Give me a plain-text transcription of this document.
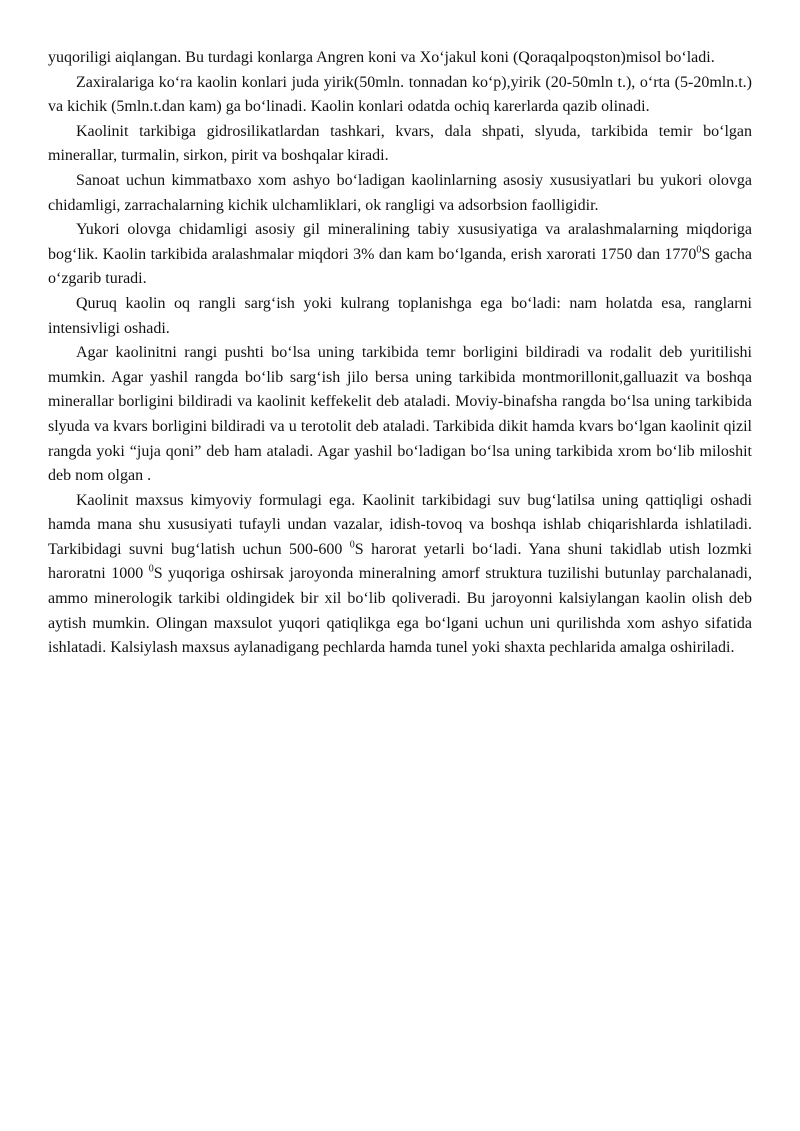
yuqoriligi aiqlangan. Bu turdagi konlarga Angren koni va Xo‘jakul koni (Qoraqalpoqston)misol bo‘ladi.

Zaxiralariga ko‘ra kaolin konlari juda yirik(50mln. tonnadan ko‘p),yirik (20-50mln t.), o‘rta (5-20mln.t.) va kichik (5mln.t.dan kam) ga bo‘linadi. Kaolin konlari odatda ochiq karerlarda qazib olinadi.

Kaolinit tarkibiga gidrosilikatlardan tashkari, kvars, dala shpati, slyuda, tarkibida temir bo‘lgan minerallar, turmalin, sirkon, pirit va boshqalar kiradi.

Sanoat uchun kimmatbaxo xom ashyo bo‘ladigan kaolinlarning asosiy xususiyatlari bu yukori olovga chidamligi, zarrachalarning kichik ulchamliklari, ok rangligi va adsorbsion faolligidir.

Yukori olovga chidamligi asosiy gil mineralining tabiy xususiyatiga va aralashmalarning miqdoriga bog‘lik. Kaolin tarkibida aralashmalar miqdori 3% dan kam bo‘lganda, erish xarorati 1750 dan 1770$^0$S gacha o‘zgarib turadi.

Quruq kaolin oq rangli sarg‘ish yoki kulrang toplanishga ega bo‘ladi: nam holatda esa, ranglarni intensivligi oshadi.

Agar kaolinitni rangi pushti bo‘lsa uning tarkibida temr borligini bildiradi va rodalit deb yuritilishi mumkin. Agar yashil rangda bo‘lib sarg‘ish jilo bersa uning tarkibida montmorillonit,galluazit va boshqa minerallar borligini bildiradi va kaolinit keffekelit deb ataladi. Moviy-binafsha rangda bo‘lsa uning tarkibida slyuda va kvars borligini bildiradi va u terotolit deb ataladi. Tarkibida dikit hamda kvars bo‘lgan kaolinit qizil rangda yoki “juja qoni” deb ham ataladi. Agar yashil bo‘ladigan bo‘lsa uning tarkibida xrom bo‘lib miloshit deb nom olgan .

Kaolinit maxsus kimyoviy formulagi ega. Kaolinit tarkibidagi suv bug‘latilsa uning qattiqligi oshadi hamda mana shu xususiyati tufayli undan vazalar, idish-tovoq va boshqa ishlab chiqarishlarda ishlatiladi. Tarkibidagi suvni bug‘latish uchun 500-600 $^0$S harorat yetarli bo‘ladi. Yana shuni takidlab utish lozmki haroratni 1000 $^0$S yuqoriga oshirsak jaroyonda mineralning amorf struktura tuzilishi butunlay parchalanadi, ammo minerologik tarkibi oldingidek bir xil bo‘lib qoliveradi. Bu jaroyonni kalsiylangan kaolin olish deb aytish mumkin. Olingan maxsulot yuqori qatiqlikga ega bo‘lgani uchun uni qurilishda xom ashyo sifatida ishlatadi. Kalsiylash maxsus aylanadigang pechlarda hamda tunel yoki shaxta pechlarida amalga oshiriladi.
